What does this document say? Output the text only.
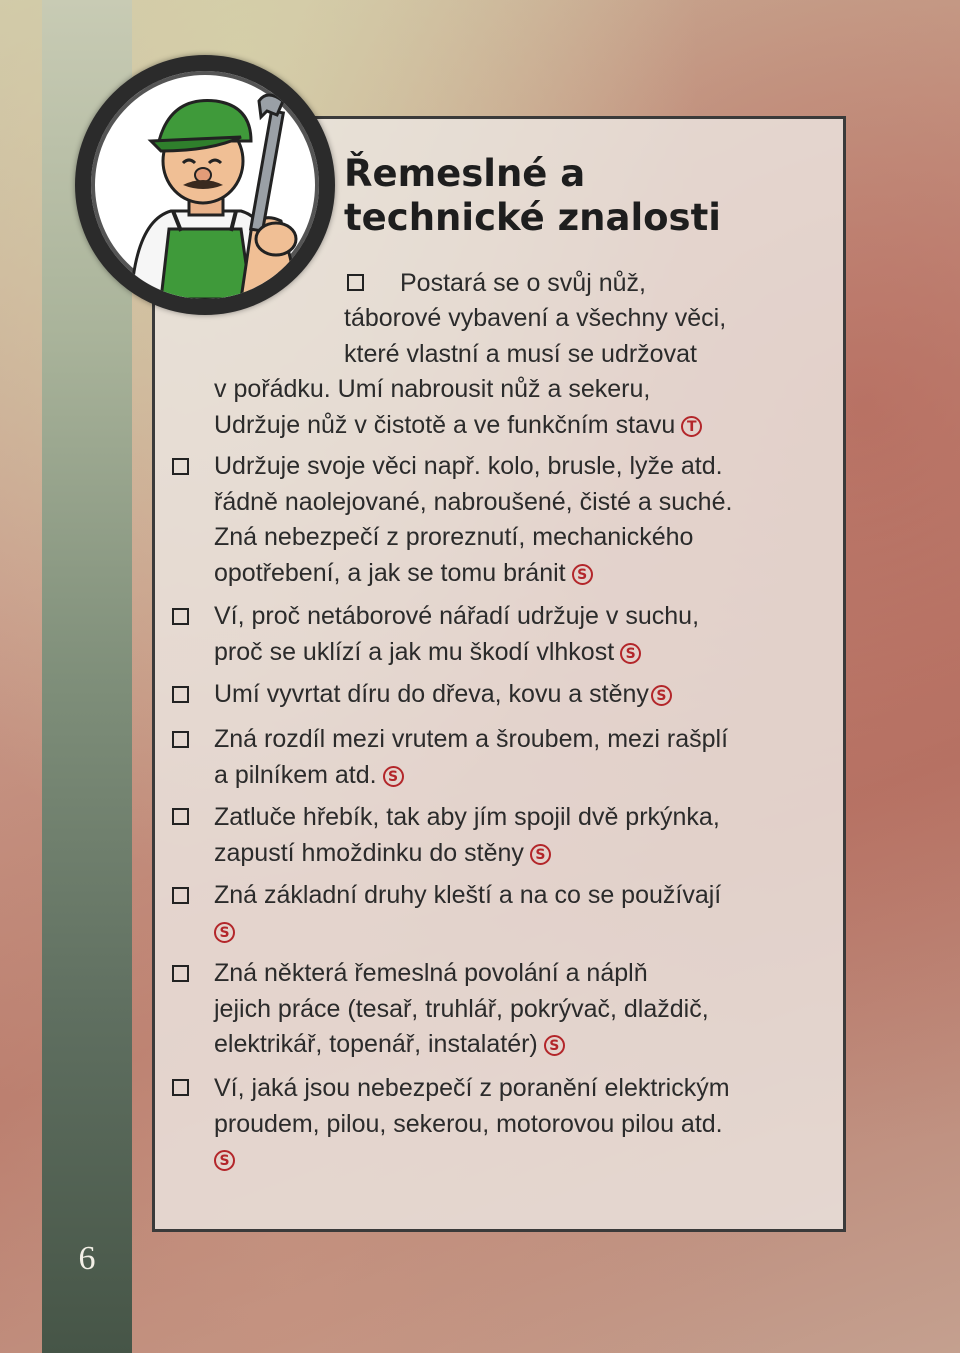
6
Řemeslné a
technické znalosti
Postará se o svůj nůž,
táborové vybavení a všechny věci,
které vlastní a musí se udržovat
v pořádku. Umí nabrousit nůž a sekeru,
Udržuje nůž v čistotě a ve funkčním stavu T
Udržuje svoje věci např. kolo, brusle, lyže atd.
řádně naolejované, nabroušené, čisté a suché.
Zná nebezpečí z proreznutí, mechanického
opotřebení, a jak se tomu bránit S
Ví, proč netáborové nářadí udržuje v suchu,
proč se uklízí a jak mu škodí vlhkost S
Umí vyvrtat díru do dřeva, kovu a stěny S
Zná rozdíl mezi vrutem a šroubem, mezi rašplí
a pilníkem atd. S
Zatluče hřebík, tak aby jím spojil dvě prkýnka,
zapustí hmoždinku do stěny S
Zná základní druhy kleští a na co se používají
S
Zná některá řemeslná povolání a náplň
jejich práce (tesař, truhlář, pokrývač, dlaždič,
elektrikář, topenář, instalatér) S
Ví, jaká jsou nebezpečí z poranění elektrickým
proudem, pilou, sekerou, motorovou pilou atd.
S
